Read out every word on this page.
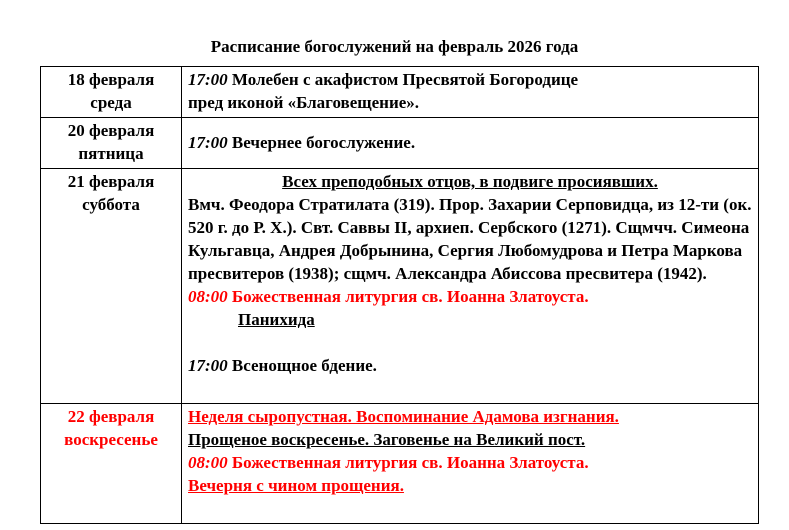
Расписание богослужений на февраль 2026 года
18 февраля
среда	17:00 Молебен с акафистом Пресвятой Богородице
пред иконой «Благовещение».

20 февраля
пятница	17:00 Вечернее богослужение.

21 февраля
суббота	Всех преподобных отцов, в подвиге просиявших.
Вмч. Феодора Стратилата (319). Прор. Захарии Серповидца, из 12-ти (ок. 520 г. до Р. Х.). Свт. Саввы II, архиеп. Сербского (1271). Сщмчч. Симеона Кульгавца, Андрея Добрынина, Сергия Любомудрова и Петра Маркова пресвитеров (1938); сщмч. Александра Абиссова пресвитера (1942).
08:00 Божественная литургия св. Иоанна Златоуста.
Панихида
17:00 Всенощное бдение.

22 февраля
воскресенье	Неделя сыропустная. Воспоминание Адамова изгнания.
Прощеное воскресенье. Заговенье на Великий пост.
08:00 Божественная литургия св. Иоанна Златоуста.
Вечерня с чином прощения.
